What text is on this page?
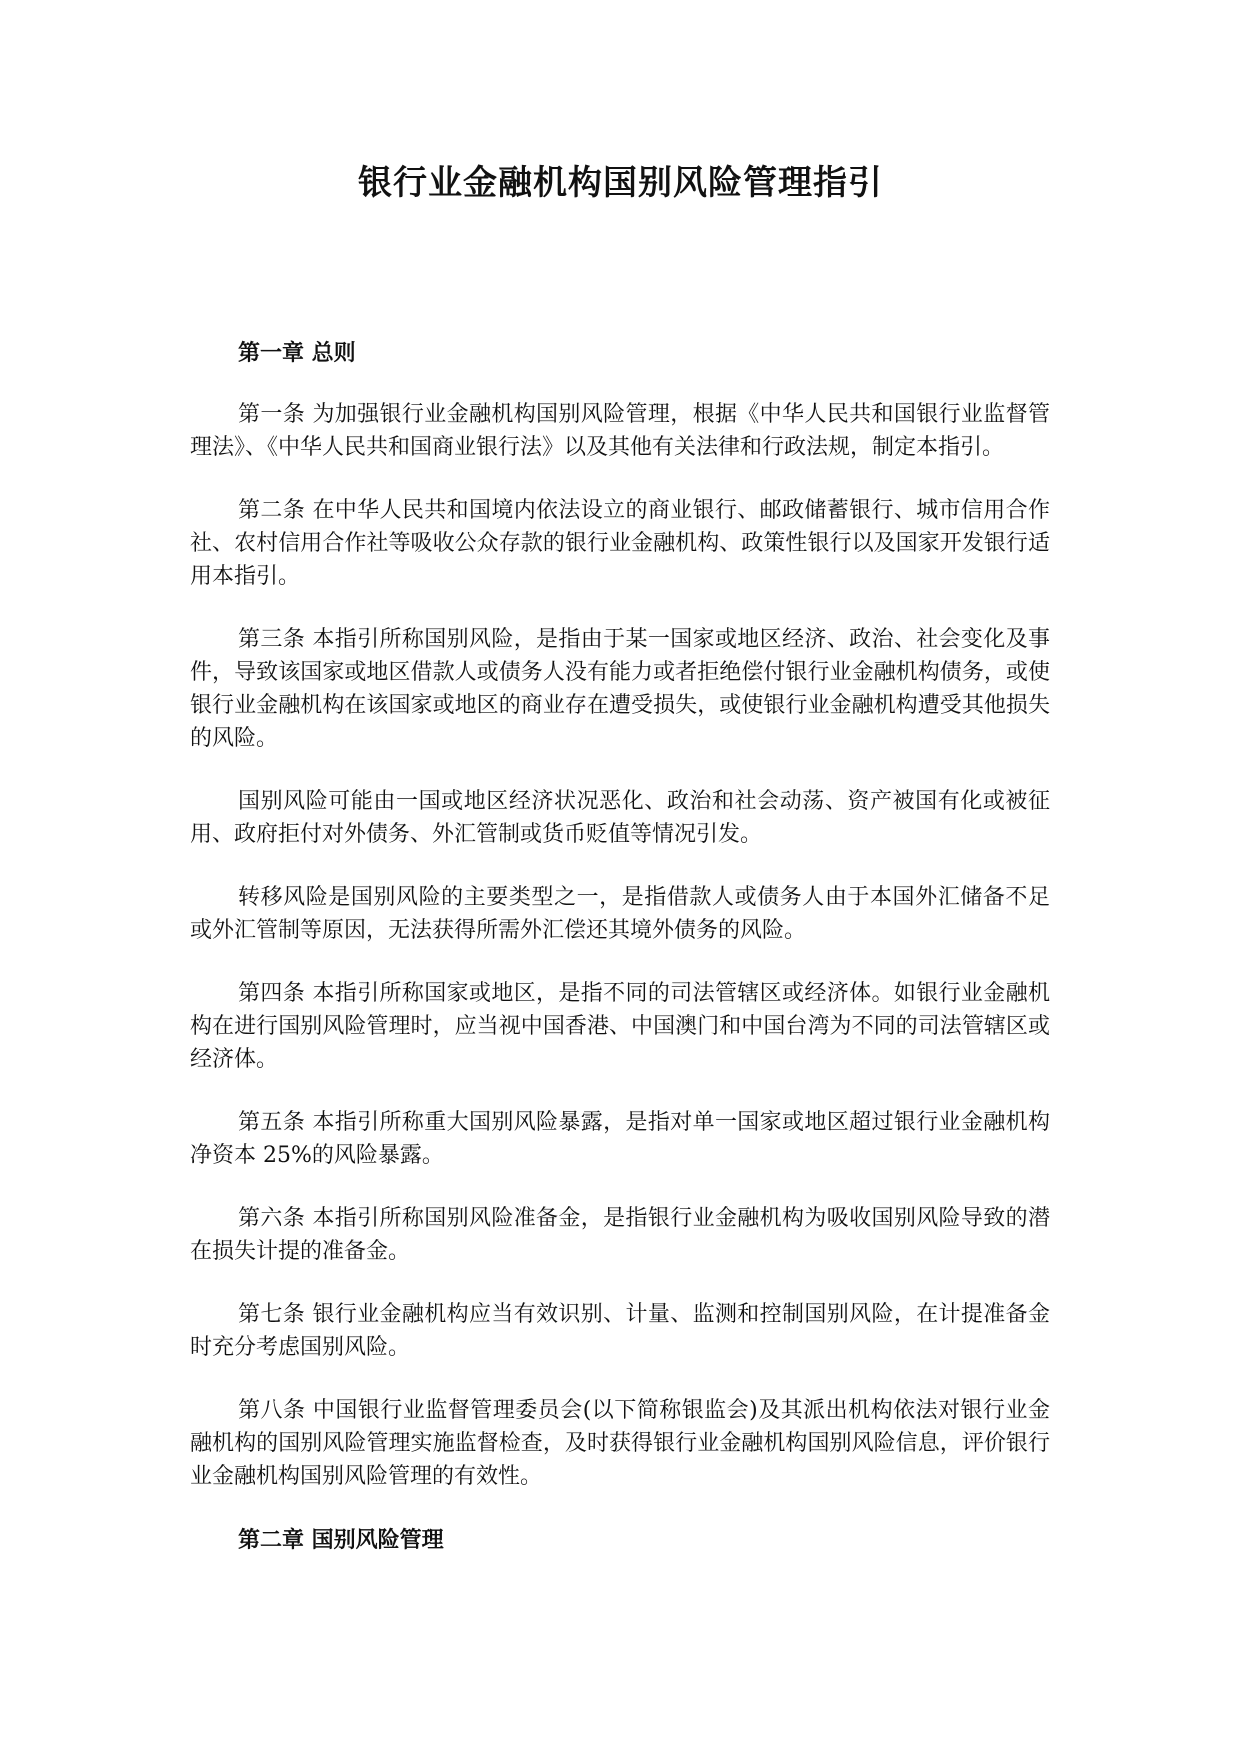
银行业金融机构国别风险管理指引

第一章 总则

第一条 为加强银行业金融机构国别风险管理，根据《中华人民共和国银行业监督管理法》、《中华人民共和国商业银行法》以及其他有关法律和行政法规，制定本指引。

第二条 在中华人民共和国境内依法设立的商业银行、邮政储蓄银行、城市信用合作社、农村信用合作社等吸收公众存款的银行业金融机构、政策性银行以及国家开发银行适用本指引。

第三条 本指引所称国别风险，是指由于某一国家或地区经济、政治、社会变化及事件，导致该国家或地区借款人或债务人没有能力或者拒绝偿付银行业金融机构债务，或使银行业金融机构在该国家或地区的商业存在遭受损失，或使银行业金融机构遭受其他损失的风险。

国别风险可能由一国或地区经济状况恶化、政治和社会动荡、资产被国有化或被征用、政府拒付对外债务、外汇管制或货币贬值等情况引发。

转移风险是国别风险的主要类型之一，是指借款人或债务人由于本国外汇储备不足或外汇管制等原因，无法获得所需外汇偿还其境外债务的风险。

第四条 本指引所称国家或地区，是指不同的司法管辖区或经济体。如银行业金融机构在进行国别风险管理时，应当视中国香港、中国澳门和中国台湾为不同的司法管辖区或经济体。

第五条 本指引所称重大国别风险暴露，是指对单一国家或地区超过银行业金融机构净资本 25%的风险暴露。

第六条 本指引所称国别风险准备金，是指银行业金融机构为吸收国别风险导致的潜在损失计提的准备金。

第七条 银行业金融机构应当有效识别、计量、监测和控制国别风险，在计提准备金时充分考虑国别风险。

第八条 中国银行业监督管理委员会(以下简称银监会)及其派出机构依法对银行业金融机构的国别风险管理实施监督检查，及时获得银行业金融机构国别风险信息，评价银行业金融机构国别风险管理的有效性。

第二章 国别风险管理
